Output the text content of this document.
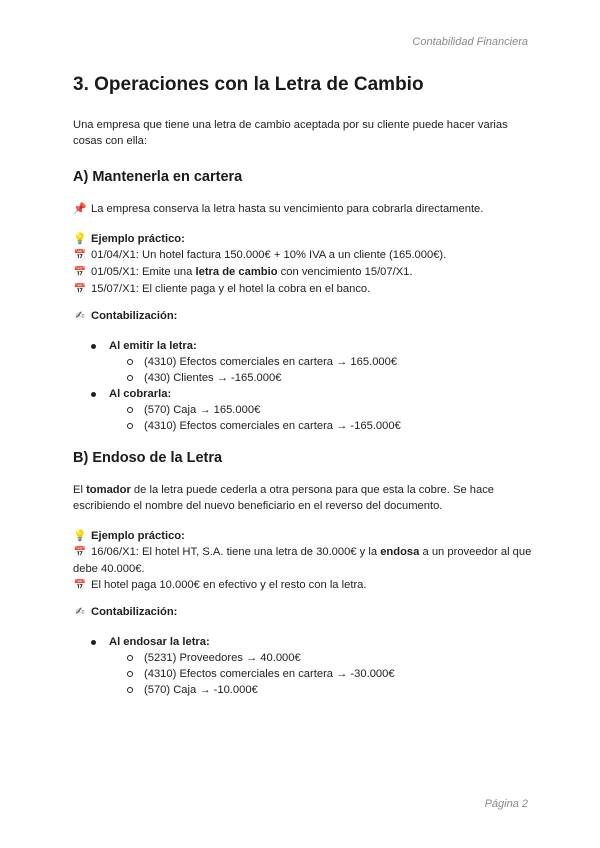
Contabilidad Financiera
3. Operaciones con la Letra de Cambio

Una empresa que tiene una letra de cambio aceptada por su cliente puede hacer varias cosas con ella:

A) Mantenerla en cartera

📌 La empresa conserva la letra hasta su vencimiento para cobrarla directamente.

💡 Ejemplo práctico:

📅 01/04/X1: Un hotel factura 150.000€ + 10% IVA a un cliente (165.000€).

📅 01/05/X1: Emite una letra de cambio con vencimiento 15/07/X1.

📅 15/07/X1: El cliente paga y el hotel la cobra en el banco.

✍ Contabilización:

Al emitir la letra:
(4310) Efectos comerciales en cartera → 165.000€
(430) Clientes → -165.000€
Al cobrarla:
(570) Caja → 165.000€
(4310) Efectos comerciales en cartera → -165.000€
B) Endoso de la Letra

El tomador de la letra puede cederla a otra persona para que esta la cobre. Se hace escribiendo el nombre del nuevo beneficiario en el reverso del documento.

💡 Ejemplo práctico:

📅 16/06/X1: El hotel HT, S.A. tiene una letra de 30.000€ y la endosa a un proveedor al que debe 40.000€.

📅 El hotel paga 10.000€ en efectivo y el resto con la letra.

✍ Contabilización:

Al endosar la letra:
(5231) Proveedores → 40.000€
(4310) Efectos comerciales en cartera → -30.000€
(570) Caja → -10.000€
Página 2
